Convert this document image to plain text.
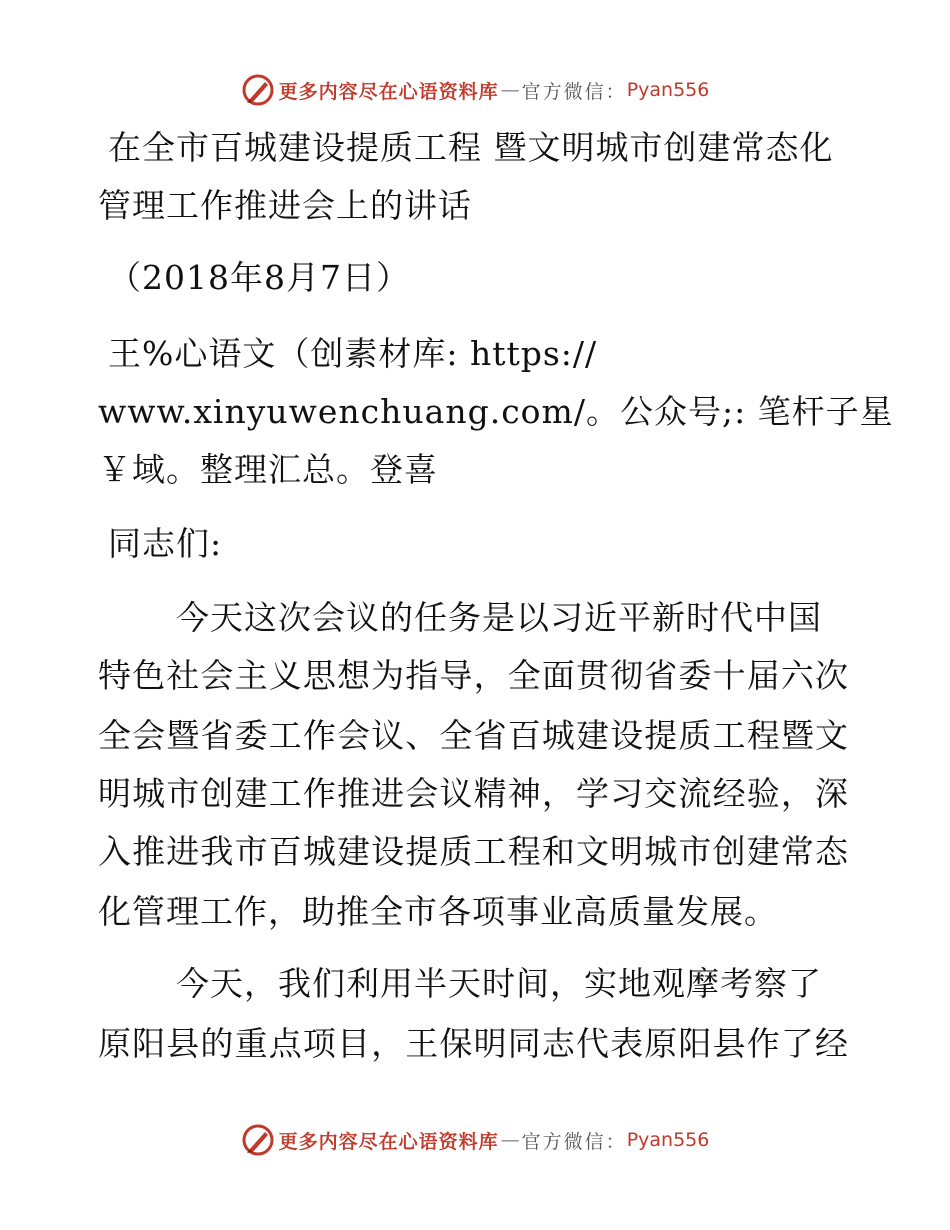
更多内容尽在心语资料库 — 官方微信： Pyan556
在全市百城建设提质工程 暨文明城市创建常态化
管理工作推进会上的讲话
（2018年8月7日）
王%心语文（创素材库: https://
www.xinyuwenchuang.com/。公众号;: 笔杆子星
￥域。整理汇总。登喜
同志们:
今天这次会议的任务是以习近平新时代中国
特色社会主义思想为指导，全面贯彻省委十届六次
全会暨省委工作会议、全省百城建设提质工程暨文
明城市创建工作推进会议精神，学习交流经验，深
入推进我市百城建设提质工程和文明城市创建常态
化管理工作，助推全市各项事业高质量发展。
今天，我们利用半天时间，实地观摩考察了
原阳县的重点项目，王保明同志代表原阳县作了经
更多内容尽在心语资料库 — 官方微信： Pyan556
